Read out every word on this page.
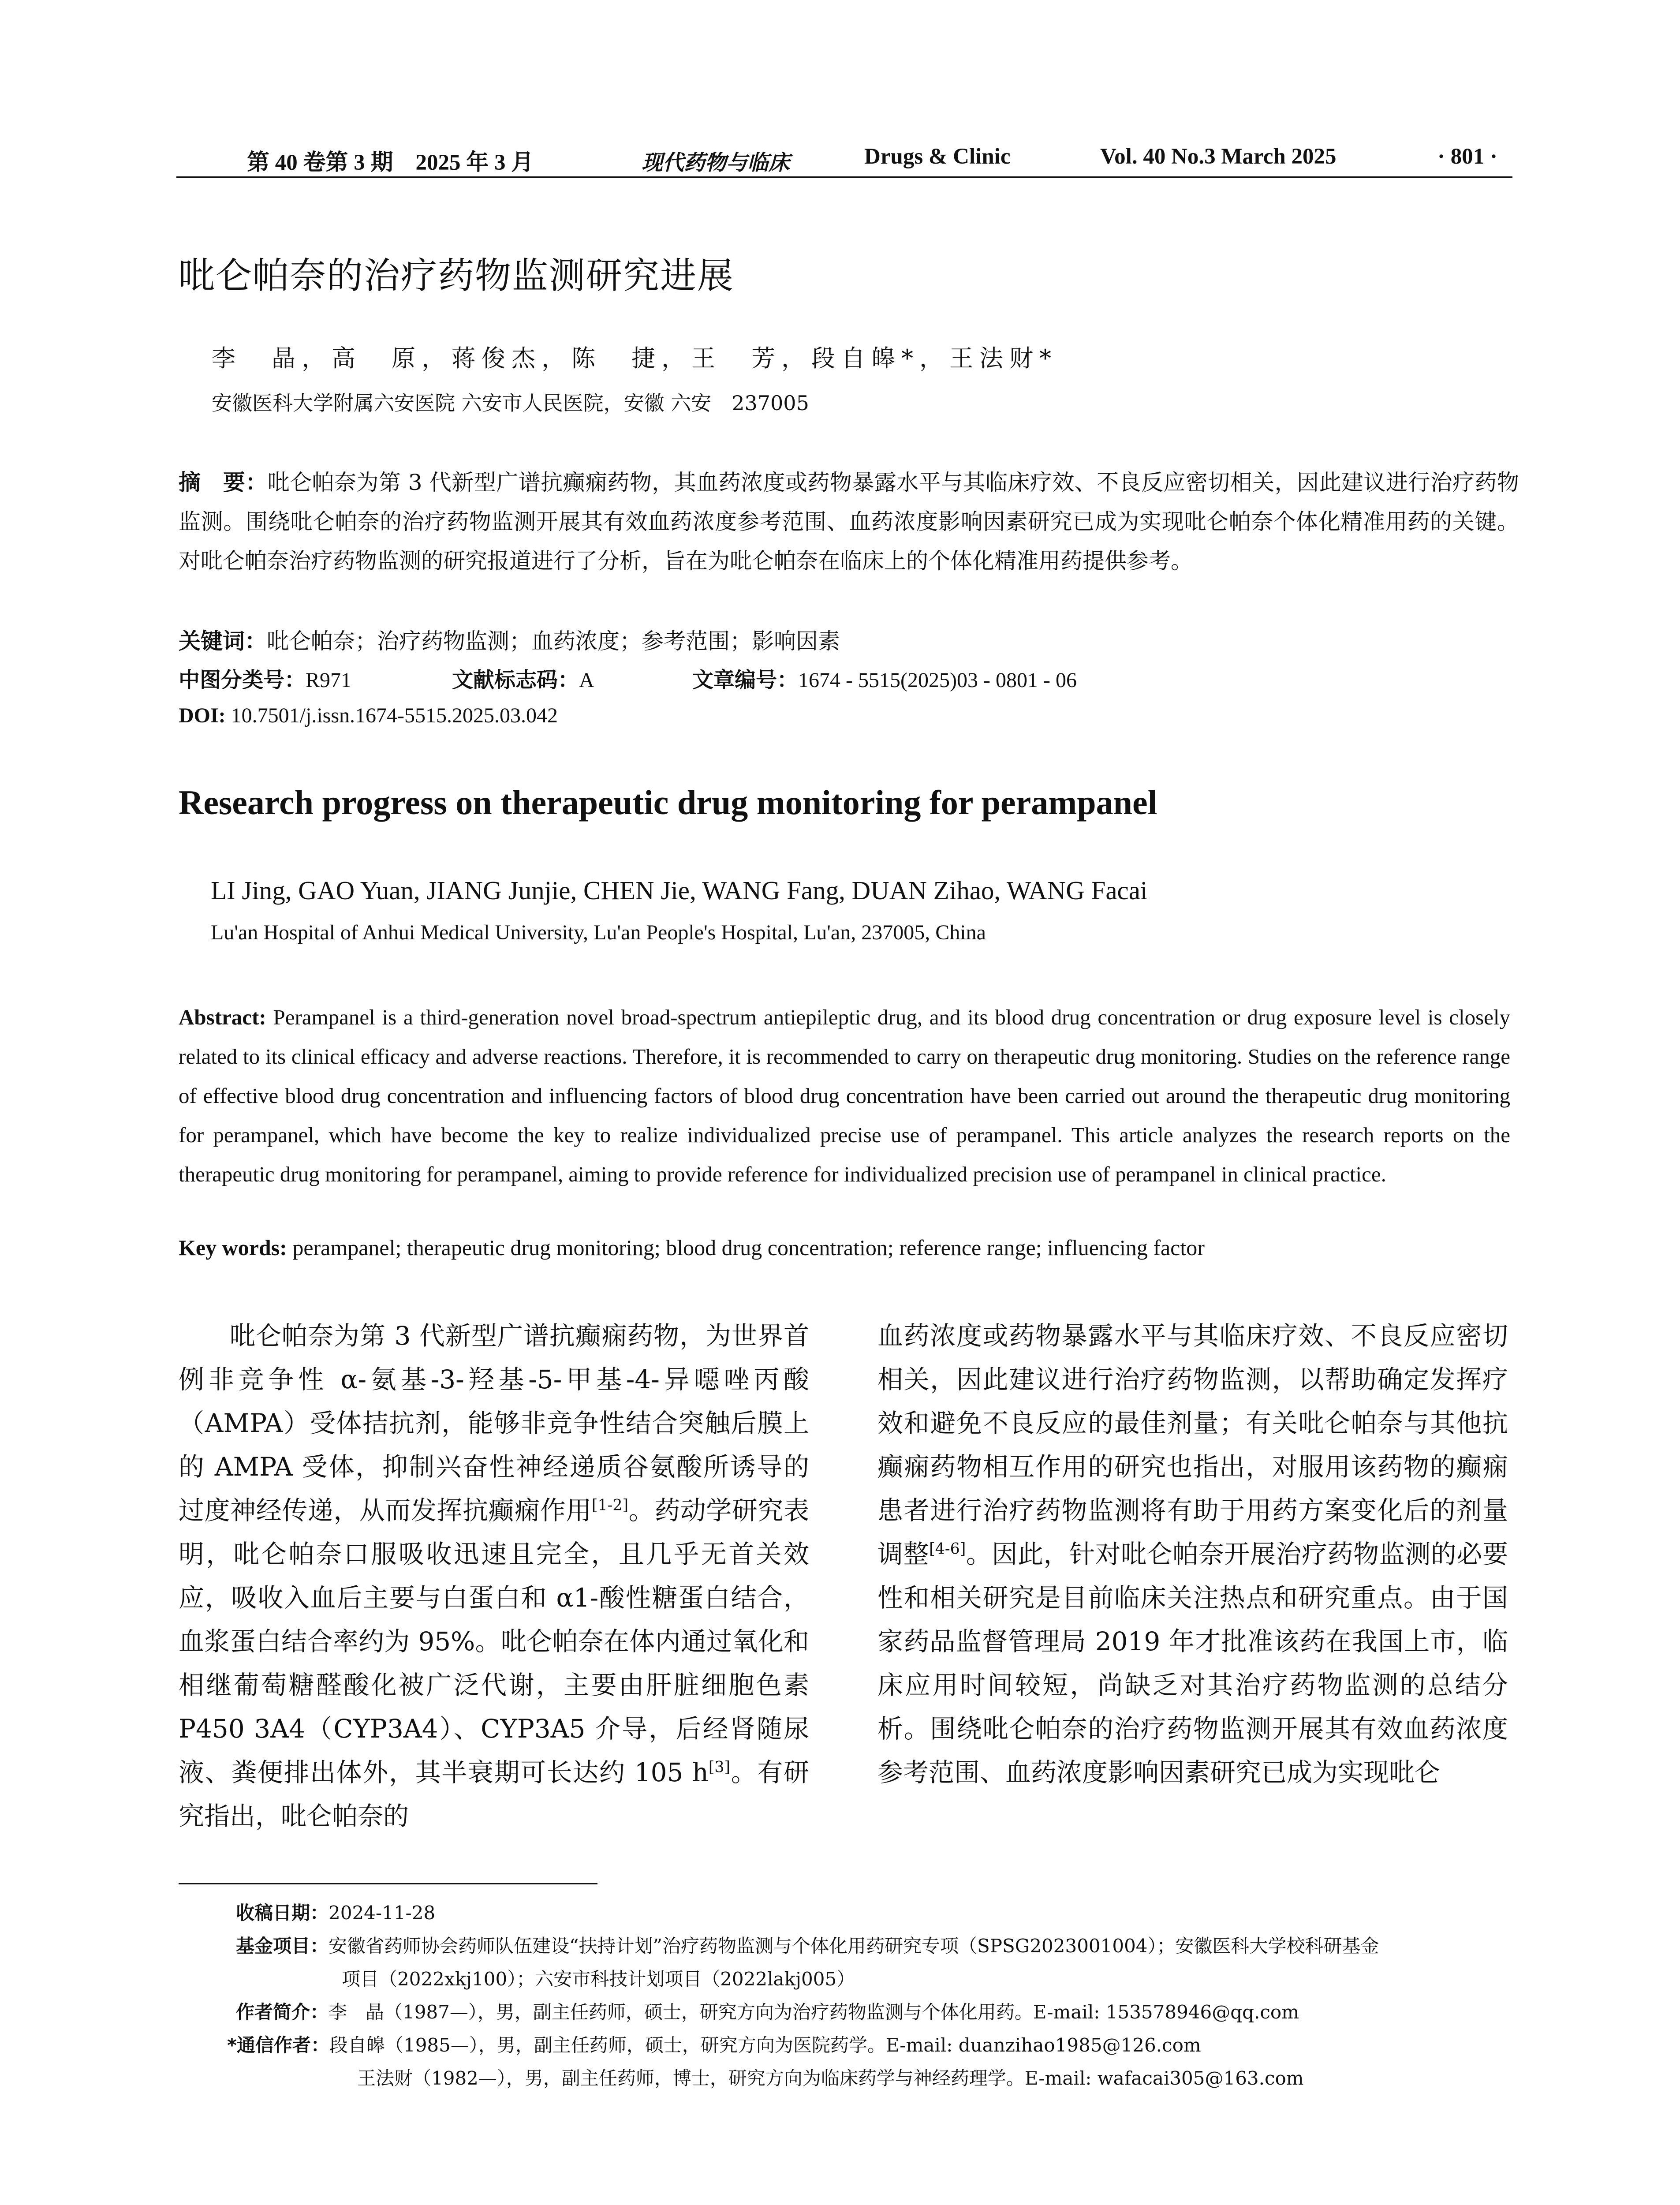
第 40 卷第 3 期　2025 年 3 月	现代药物与临床	Drugs & Clinic	Vol. 40 No.3 March 2025	· 801 ·
吡仑帕奈的治疗药物监测研究进展
李　晶，高　原，蒋俊杰，陈　捷，王　芳，段自皞*，王法财*
安徽医科大学附属六安医院 六安市人民医院，安徽 六安　237005
摘　要：吡仑帕奈为第 3 代新型广谱抗癫痫药物，其血药浓度或药物暴露水平与其临床疗效、不良反应密切相关，因此建议进行治疗药物监测。围绕吡仑帕奈的治疗药物监测开展其有效血药浓度参考范围、血药浓度影响因素研究已成为实现吡仑帕奈个体化精准用药的关键。对吡仑帕奈治疗药物监测的研究报道进行了分析，旨在为吡仑帕奈在临床上的个体化精准用药提供参考。
关键词：吡仑帕奈；治疗药物监测；血药浓度；参考范围；影响因素
中图分类号：R971	文献标志码：A	文章编号：1674 - 5515(2025)03 - 0801 - 06
DOI: 10.7501/j.issn.1674-5515.2025.03.042
Research progress on therapeutic drug monitoring for perampanel
LI Jing, GAO Yuan, JIANG Junjie, CHEN Jie, WANG Fang, DUAN Zihao, WANG Facai
Lu'an Hospital of Anhui Medical University, Lu'an People's Hospital, Lu'an, 237005, China
Abstract: Perampanel is a third-generation novel broad-spectrum antiepileptic drug, and its blood drug concentration or drug exposure level is closely related to its clinical efficacy and adverse reactions. Therefore, it is recommended to carry on therapeutic drug monitoring. Studies on the reference range of effective blood drug concentration and influencing factors of blood drug concentration have been carried out around the therapeutic drug monitoring for perampanel, which have become the key to realize individualized precise use of perampanel. This article analyzes the research reports on the therapeutic drug monitoring for perampanel, aiming to provide reference for individualized precision use of perampanel in clinical practice.
Key words: perampanel; therapeutic drug monitoring; blood drug concentration; reference range; influencing factor
吡仑帕奈为第 3 代新型广谱抗癫痫药物，为世界首例非竞争性 α-氨基-3-羟基-5-甲基-4-异噁唑丙酸（AMPA）受体拮抗剂，能够非竞争性结合突触后膜上的 AMPA 受体，抑制兴奋性神经递质谷氨酸所诱导的过度神经传递，从而发挥抗癫痫作用[1-2]。药动学研究表明，吡仑帕奈口服吸收迅速且完全，且几乎无首关效应，吸收入血后主要与白蛋白和 α1-酸性糖蛋白结合，血浆蛋白结合率约为 95%。吡仑帕奈在体内通过氧化和相继葡萄糖醛酸化被广泛代谢，主要由肝脏细胞色素 P450 3A4（CYP3A4）、CYP3A5 介导，后经肾随尿液、粪便排出体外，其半衰期可长达约 105 h[3]。有研究指出，吡仑帕奈的
血药浓度或药物暴露水平与其临床疗效、不良反应密切相关，因此建议进行治疗药物监测，以帮助确定发挥疗效和避免不良反应的最佳剂量；有关吡仑帕奈与其他抗癫痫药物相互作用的研究也指出，对服用该药物的癫痫患者进行治疗药物监测将有助于用药方案变化后的剂量调整[4-6]。因此，针对吡仑帕奈开展治疗药物监测的必要性和相关研究是目前临床关注热点和研究重点。由于国家药品监督管理局 2019 年才批准该药在我国上市，临床应用时间较短，尚缺乏对其治疗药物监测的总结分析。围绕吡仑帕奈的治疗药物监测开展其有效血药浓度参考范围、血药浓度影响因素研究已成为实现吡仑
收稿日期：2024-11-28
基金项目：安徽省药师协会药师队伍建设“扶持计划”治疗药物监测与个体化用药研究专项（SPSG2023001004）；安徽医科大学校科研基金
项目（2022xkj100）；六安市科技计划项目（2022lakj005）
作者简介：李　晶（1987—），男，副主任药师，硕士，研究方向为治疗药物监测与个体化用药。E-mail: 153578946@qq.com
*通信作者：段自皞（1985—），男，副主任药师，硕士，研究方向为医院药学。E-mail: duanzihao1985@126.com
王法财（1982—），男，副主任药师，博士，研究方向为临床药学与神经药理学。E-mail: wafacai305@163.com
